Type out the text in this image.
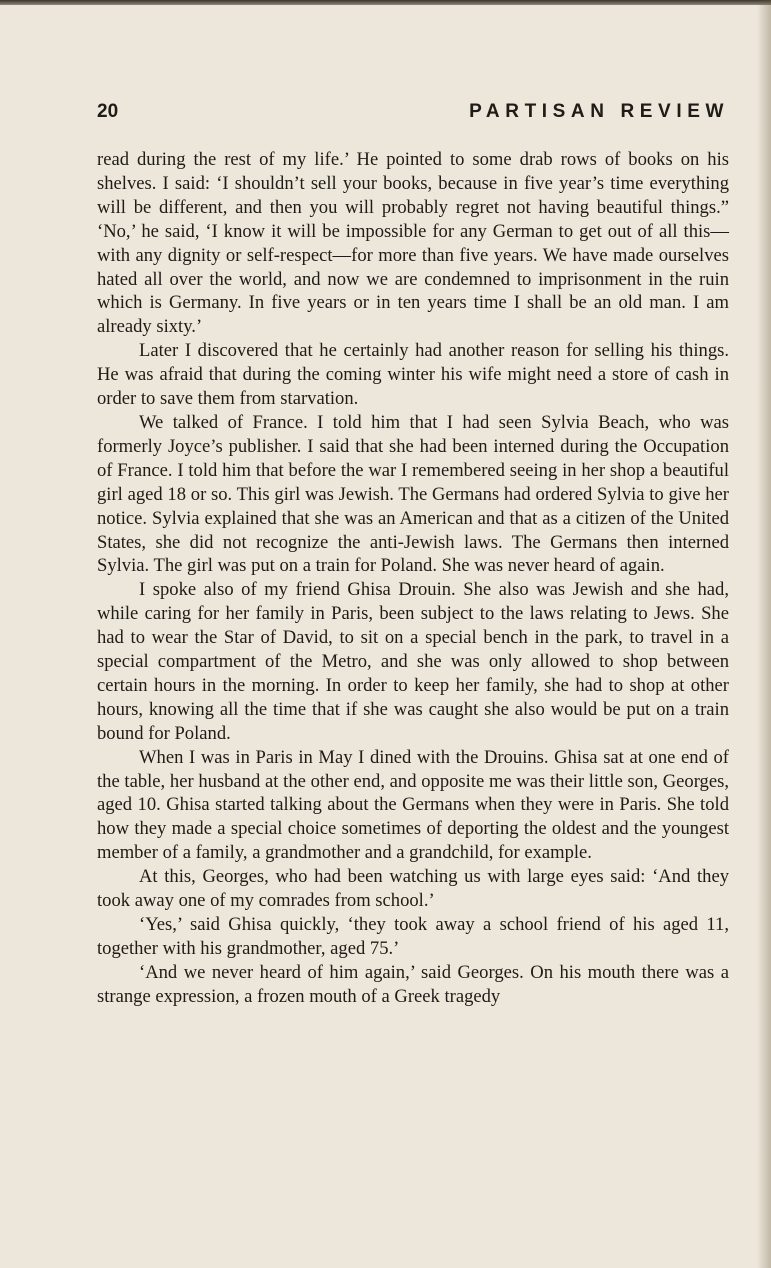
20	PARTISAN REVIEW

read during the rest of my life.’ He pointed to some drab rows of books on his shelves. I said: ‘I shouldn’t sell your books, because in five year’s time everything will be different, and then you will probably regret not having beautiful things.” ‘No,’ he said, ‘I know it will be impossible for any German to get out of all this—with any dignity or self-respect—for more than five years. We have made ourselves hated all over the world, and now we are condemned to imprisonment in the ruin which is Germany. In five years or in ten years time I shall be an old man. I am already sixty.’

Later I discovered that he certainly had another reason for selling his things. He was afraid that during the coming winter his wife might need a store of cash in order to save them from starvation.

We talked of France. I told him that I had seen Sylvia Beach, who was formerly Joyce’s publisher. I said that she had been interned during the Occupation of France. I told him that before the war I remembered seeing in her shop a beautiful girl aged 18 or so. This girl was Jewish. The Germans had ordered Sylvia to give her notice. Sylvia explained that she was an American and that as a citizen of the United States, she did not recognize the anti-Jewish laws. The Germans then interned Sylvia. The girl was put on a train for Poland. She was never heard of again.

I spoke also of my friend Ghisa Drouin. She also was Jewish and she had, while caring for her family in Paris, been subject to the laws relating to Jews. She had to wear the Star of David, to sit on a special bench in the park, to travel in a special compartment of the Metro, and she was only allowed to shop between certain hours in the morning. In order to keep her family, she had to shop at other hours, knowing all the time that if she was caught she also would be put on a train bound for Poland.

When I was in Paris in May I dined with the Drouins. Ghisa sat at one end of the table, her husband at the other end, and opposite me was their little son, Georges, aged 10. Ghisa started talking about the Germans when they were in Paris. She told how they made a special choice sometimes of deporting the oldest and the youngest member of a family, a grandmother and a grandchild, for example.

At this, Georges, who had been watching us with large eyes said: ‘And they took away one of my comrades from school.’

‘Yes,’ said Ghisa quickly, ‘they took away a school friend of his aged 11, together with his grandmother, aged 75.’

‘And we never heard of him again,’ said Georges. On his mouth there was a strange expression, a frozen mouth of a Greek tragedy
